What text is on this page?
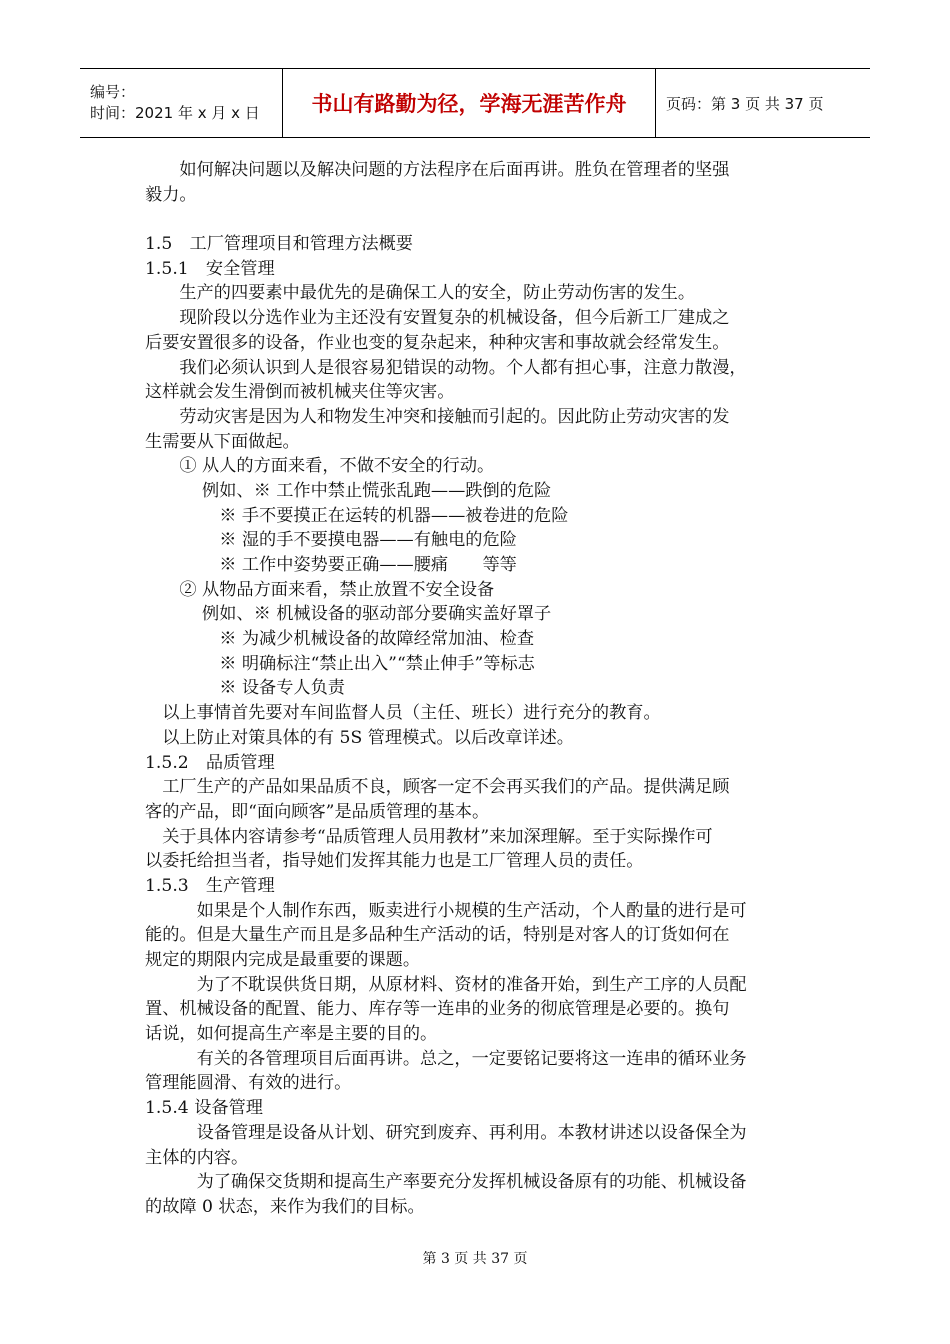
编号：
时间：2021 年 x 月 x 日	书山有路勤为径，学海无涯苦作舟	页码：第 3 页 共 37 页
　　如何解决问题以及解决问题的方法程序在后面再讲。胜负在管理者的坚强
毅力。
1.5　工厂管理项目和管理方法概要
1.5.1　安全管理
　　生产的四要素中最优先的是确保工人的安全，防止劳动伤害的发生。
　　现阶段以分选作业为主还没有安置复杂的机械设备，但今后新工厂建成之
后要安置很多的设备，作业也变的复杂起来，种种灾害和事故就会经常发生。
　　我们必须认识到人是很容易犯错误的动物。个人都有担心事，注意力散漫，
这样就会发生滑倒而被机械夹住等灾害。
　　劳动灾害是因为人和物发生冲突和接触而引起的。因此防止劳动灾害的发
生需要从下面做起。
　　① 从人的方面来看，不做不安全的行动。
　　　 例如、※ 工作中禁止慌张乱跑——跌倒的危险
　　　　 ※ 手不要摸正在运转的机器——被卷进的危险
　　　　 ※ 湿的手不要摸电器——有触电的危险
　　　　 ※ 工作中姿势要正确——腰痛　　等等
　　② 从物品方面来看，禁止放置不安全设备
　　　 例如、※ 机械设备的驱动部分要确实盖好罩子
　　　　 ※ 为减少机械设备的故障经常加油、检查
　　　　 ※ 明确标注“禁止出入”“禁止伸手”等标志
　　　　 ※ 设备专人负责
　以上事情首先要对车间监督人员（主任、班长）进行充分的教育。
　以上防止对策具体的有 5S 管理模式。以后改章详述。
1.5.2　品质管理
　工厂生产的产品如果品质不良，顾客一定不会再买我们的产品。提供满足顾
客的产品，即“面向顾客”是品质管理的基本。
　关于具体内容请参考“品质管理人员用教材”来加深理解。至于实际操作可
以委托给担当者，指导她们发挥其能力也是工厂管理人员的责任。
1.5.3　生产管理
　　　如果是个人制作东西，贩卖进行小规模的生产活动，个人酌量的进行是可
能的。但是大量生产而且是多品种生产活动的话，特别是对客人的订货如何在
规定的期限内完成是最重要的课题。
　　　为了不耽误供货日期，从原材料、资材的准备开始，到生产工序的人员配
置、机械设备的配置、能力、库存等一连串的业务的彻底管理是必要的。换句
话说，如何提高生产率是主要的目的。
　　　有关的各管理项目后面再讲。总之，一定要铭记要将这一连串的循环业务
管理能圆滑、有效的进行。
1.5.4 设备管理
　　　设备管理是设备从计划、研究到废弃、再利用。本教材讲述以设备保全为
主体的内容。
　　　为了确保交货期和提高生产率要充分发挥机械设备原有的功能、机械设备
的故障 0 状态，来作为我们的目标。
第 3 页 共 37 页
